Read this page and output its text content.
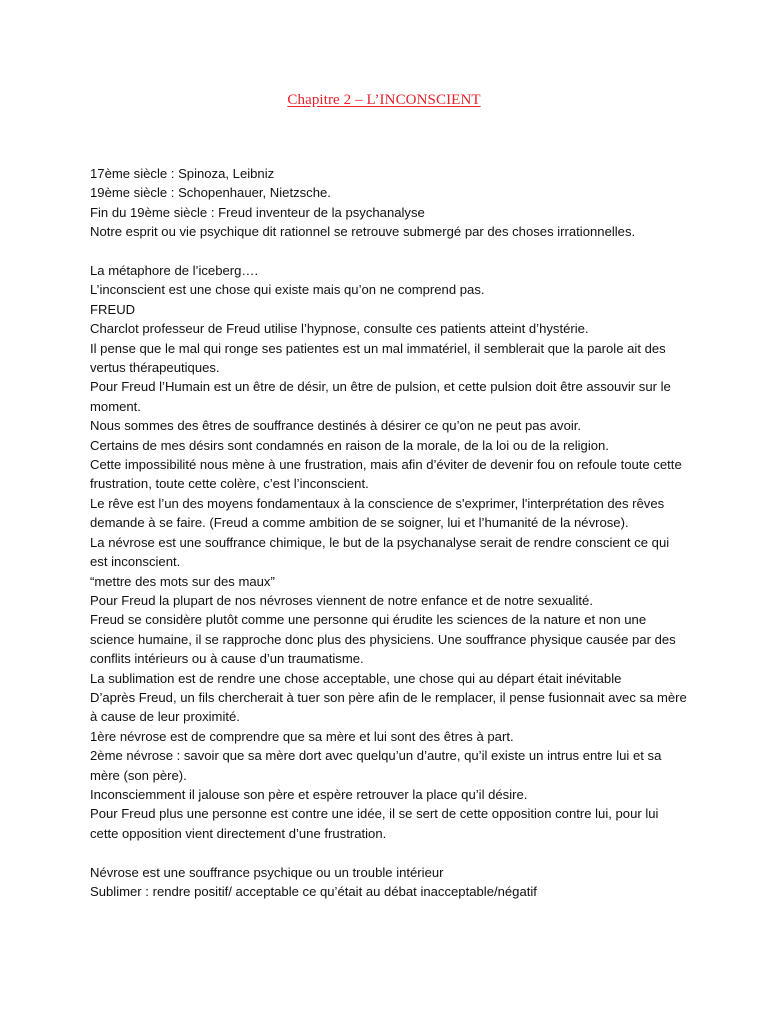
Chapitre 2 – L’INCONSCIENT

17ème siècle : Spinoza, Leibniz

19ème siècle : Schopenhauer, Nietzsche.

Fin du 19ème siècle : Freud inventeur de la psychanalyse

Notre esprit ou vie psychique dit rationnel se retrouve submergé par des choses irrationnelles.

La métaphore de l’iceberg….

L’inconscient est une chose qui existe mais qu’on ne comprend pas.

FREUD

Charclot professeur de Freud utilise l’hypnose, consulte ces patients atteint d’hystérie.

Il pense que le mal qui ronge ses patientes est un mal immatériel, il semblerait que la parole ait des vertus thérapeutiques.

Pour Freud l’Humain est un être de désir, un être de pulsion, et cette pulsion doit être assouvir sur le moment.

Nous sommes des êtres de souffrance destinés à désirer ce qu’on ne peut pas avoir.

Certains de mes désirs sont condamnés en raison de la morale, de la loi ou de la religion.

Cette impossibilité nous mène à une frustration, mais afin d’éviter de devenir fou on refoule toute cette frustration, toute cette colère, c’est l’inconscient.

Le rêve est l’un des moyens fondamentaux à la conscience de s'exprimer, l'interprétation des rêves demande à se faire. (Freud a comme ambition de se soigner, lui et l’humanité de la névrose).

La névrose est une souffrance chimique, le but de la psychanalyse serait de rendre conscient ce qui est inconscient.

“mettre des mots sur des maux”

Pour Freud la plupart de nos névroses viennent de notre enfance et de notre sexualité.

Freud se considère plutôt comme une personne qui érudite les sciences de la nature et non une science humaine, il se rapproche donc plus des physiciens. Une souffrance physique causée par des conflits intérieurs ou à cause d’un traumatisme.

La sublimation est de rendre une chose acceptable, une chose qui au départ était inévitable

D’après Freud, un fils chercherait à tuer son père afin de le remplacer, il pense fusionnait avec sa mère à cause de leur proximité.

1ère névrose est de comprendre que sa mère et lui sont des êtres à part.

2ème névrose : savoir que sa mère dort avec quelqu’un d’autre, qu’il existe un intrus entre lui et sa mère (son père).

Inconsciemment il jalouse son père et espère retrouver la place qu’il désire.

Pour Freud plus une personne est contre une idée, il se sert de cette opposition contre lui, pour lui cette opposition vient directement d’une frustration.

Névrose est une souffrance psychique ou un trouble intérieur

Sublimer : rendre positif/ acceptable ce qu’était au débat inacceptable/négatif
